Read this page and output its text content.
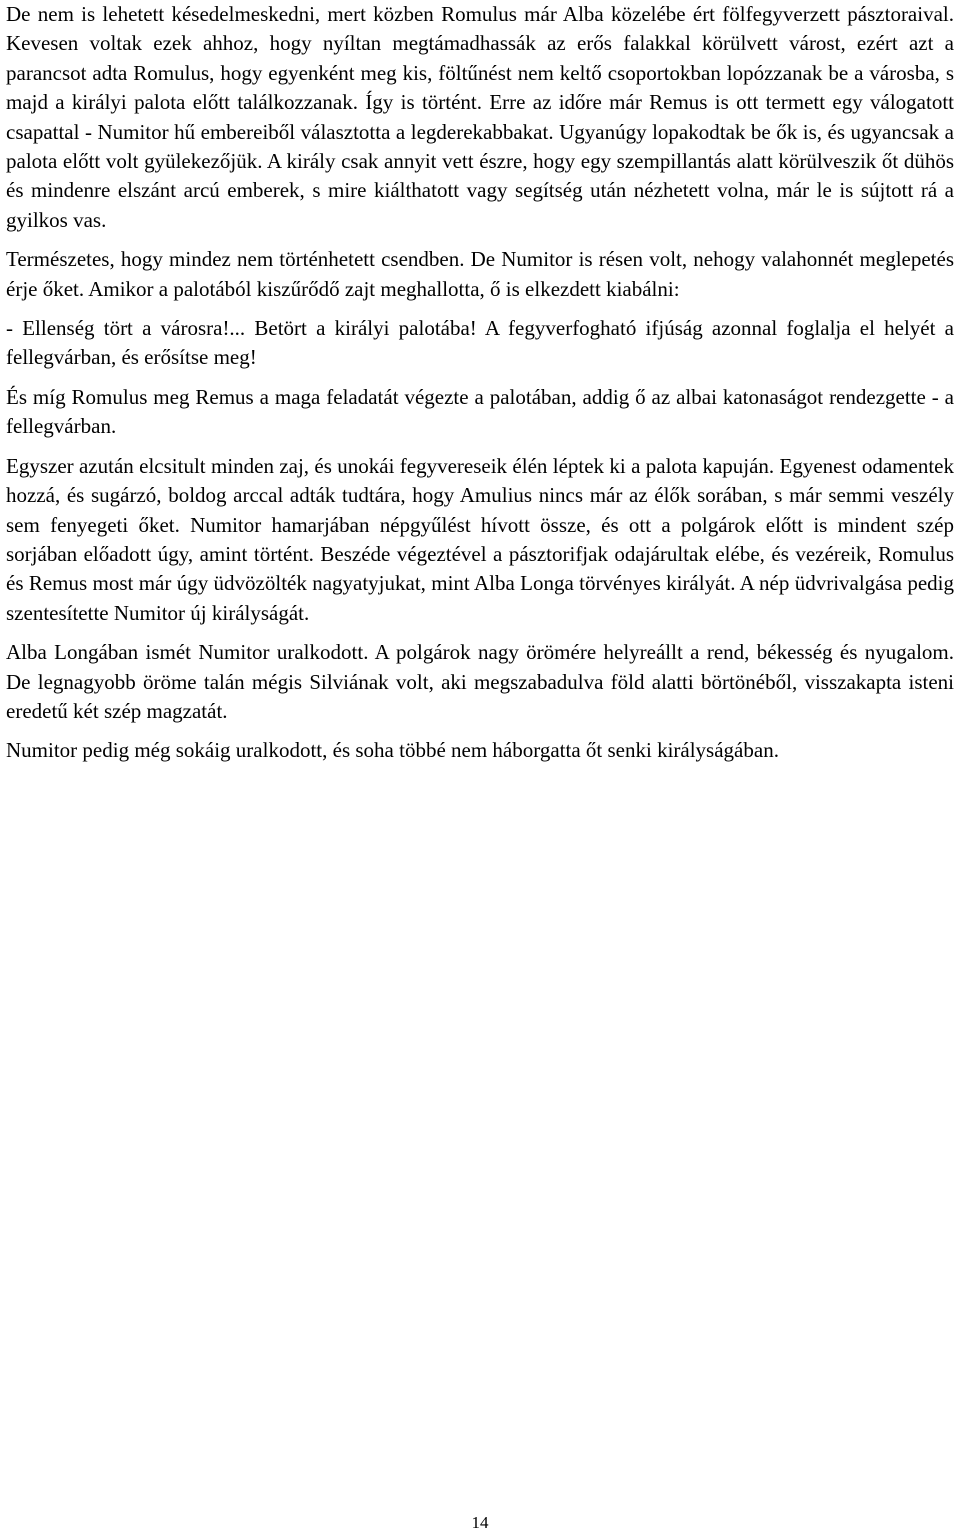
De nem is lehetett késedelmeskedni, mert közben Romulus már Alba közelébe ért fölfegyverzett pásztoraival. Kevesen voltak ezek ahhoz, hogy nyíltan megtámadhassák az erős falakkal körülvett várost, ezért azt a parancsot adta Romulus, hogy egyenként meg kis, föltűnést nem keltő csoportokban lopózzanak be a városba, s majd a királyi palota előtt találkozzanak. Így is történt. Erre az időre már Remus is ott termett egy válogatott csapattal - Numitor hű embereiből választotta a legderekabbakat. Ugyanúgy lopakodtak be ők is, és ugyancsak a palota előtt volt gyülekezőjük. A király csak annyit vett észre, hogy egy szempillantás alatt körülveszik őt dühös és mindenre elszánt arcú emberek, s mire kiálthatott vagy segítség után nézhetett volna, már le is sújtott rá a gyilkos vas.

Természetes, hogy mindez nem történhetett csendben. De Numitor is résen volt, nehogy valahonnét meglepetés érje őket. Amikor a palotából kiszűrődő zajt meghallotta, ő is elkezdett kiabálni:

- Ellenség tört a városra!... Betört a királyi palotába! A fegyverfogható ifjúság azonnal foglalja el helyét a fellegvárban, és erősítse meg!

És míg Romulus meg Remus a maga feladatát végezte a palotában, addig ő az albai katonaságot rendezgette - a fellegvárban.

Egyszer azután elcsitult minden zaj, és unokái fegyvereseik élén léptek ki a palota kapuján. Egyenest odamentek hozzá, és sugárzó, boldog arccal adták tudtára, hogy Amulius nincs már az élők sorában, s már semmi veszély sem fenyegeti őket. Numitor hamarjában népgyűlést hívott össze, és ott a polgárok előtt is mindent szép sorjában előadott úgy, amint történt. Beszéde végeztével a pásztorifjak odajárultak elébe, és vezéreik, Romulus és Remus most már úgy üdvözölték nagyatyjukat, mint Alba Longa törvényes királyát. A nép üdvrivalgása pedig szentesítette Numitor új királyságát.

Alba Longában ismét Numitor uralkodott. A polgárok nagy örömére helyreállt a rend, békesség és nyugalom. De legnagyobb öröme talán mégis Silviának volt, aki megszabadulva föld alatti börtönéből, visszakapta isteni eredetű két szép magzatát.

Numitor pedig még sokáig uralkodott, és soha többé nem háborgatta őt senki királyságában.

14
